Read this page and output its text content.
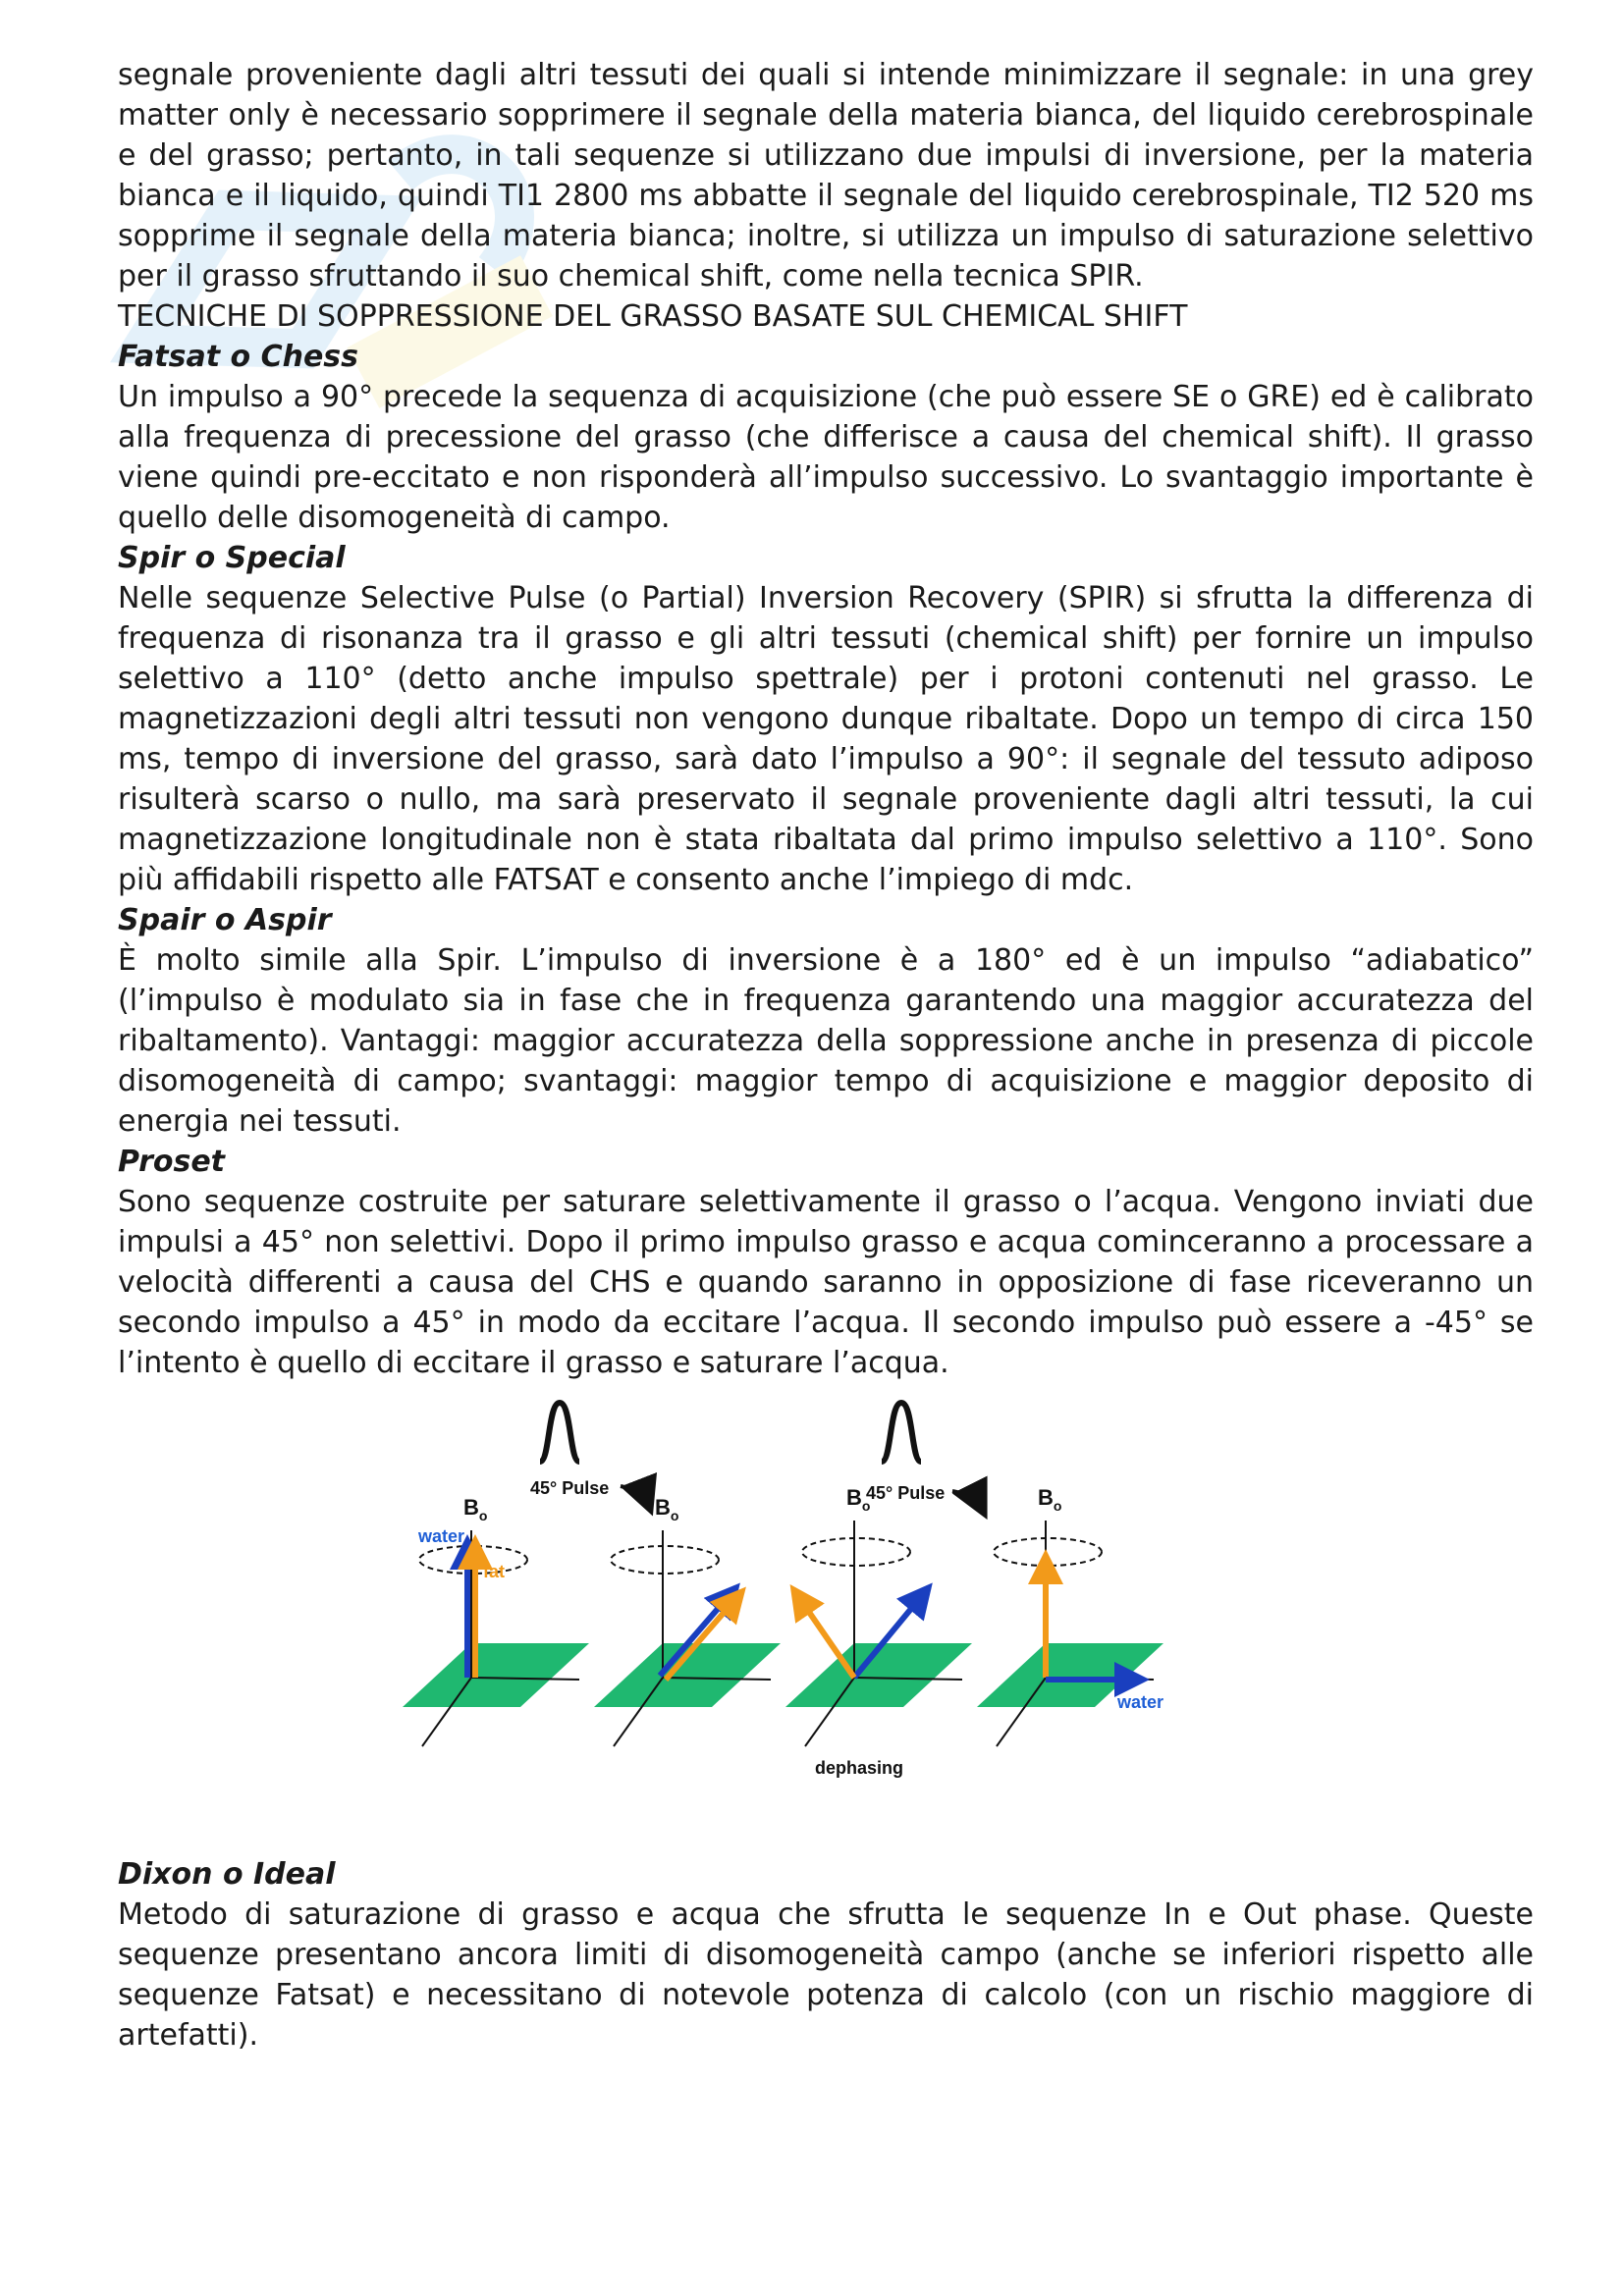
segnale proveniente dagli altri tessuti dei quali si intende minimizzare il segnale: in una grey matter only è necessario sopprimere il segnale della materia bianca, del liquido cerebrospinale e del grasso; pertanto, in tali sequenze si utilizzano due impulsi di inversione, per la materia bianca e il liquido, quindi TI1 2800 ms abbatte il segnale del liquido cerebrospinale, TI2 520 ms sopprime il segnale della materia bianca; inoltre, si utilizza un impulso di saturazione selettivo per il grasso sfruttando il suo chemical shift, come nella tecnica SPIR.

TECNICHE DI SOPPRESSIONE DEL GRASSO BASATE SUL CHEMICAL SHIFT

Fatsat o Chess

Un impulso a 90° precede la sequenza di acquisizione (che può essere SE o GRE) ed è calibrato alla frequenza di precessione del grasso (che differisce a causa del chemical shift). Il grasso viene quindi pre-eccitato e non risponderà all’impulso successivo. Lo svantaggio importante è quello delle disomogeneità di campo.

Spir o Special

Nelle sequenze Selective Pulse (o Partial) Inversion Recovery (SPIR) si sfrutta la differenza di frequenza di risonanza tra il grasso e gli altri tessuti (chemical shift) per fornire un impulso selettivo a 110° (detto anche impulso spettrale) per i protoni contenuti nel grasso. Le magnetizzazioni degli altri tessuti non vengono dunque ribaltate. Dopo un tempo di circa 150 ms, tempo di inversione del grasso, sarà dato l’impulso a 90°: il segnale del tessuto adiposo risulterà scarso o nullo, ma sarà preservato il segnale proveniente dagli altri tessuti, la cui magnetizzazione longitudinale non è stata ribaltata dal primo impulso selettivo a 110°. Sono più affidabili rispetto alle FATSAT e consento anche l’impiego di mdc.

Spair o Aspir

È molto simile alla Spir. L’impulso di inversione è a 180° ed è un impulso “adiabatico” (l’impulso è modulato sia in fase che in frequenza garantendo una maggior accuratezza del ribaltamento). Vantaggi: maggior accuratezza della soppressione anche in presenza di piccole disomogeneità di campo; svantaggi: maggior tempo di acquisizione e maggior deposito di energia nei tessuti.

Proset

Sono sequenze costruite per saturare selettivamente il grasso o l’acqua. Vengono inviati due impulsi a 45° non selettivi. Dopo il primo impulso grasso e acqua cominceranno a processare a velocità differenti a causa del CHS e quando saranno in opposizione di fase riceveranno un secondo impulso a 45° in modo da eccitare l’acqua. Il secondo impulso può essere a -45° se l’intento è quello di eccitare il grasso e saturare l’acqua.

45° Pulse	45° Pulse
$B_o$
water
fat
$B_o$
$B_o$
dephasing
$B_o$
water
Dixon o Ideal

Metodo di saturazione di grasso e acqua che sfrutta le sequenze In e Out phase. Queste sequenze presentano ancora limiti di disomogeneità campo (anche se inferiori rispetto alle sequenze Fatsat) e necessitano di notevole potenza di calcolo (con un rischio maggiore di artefatti).
